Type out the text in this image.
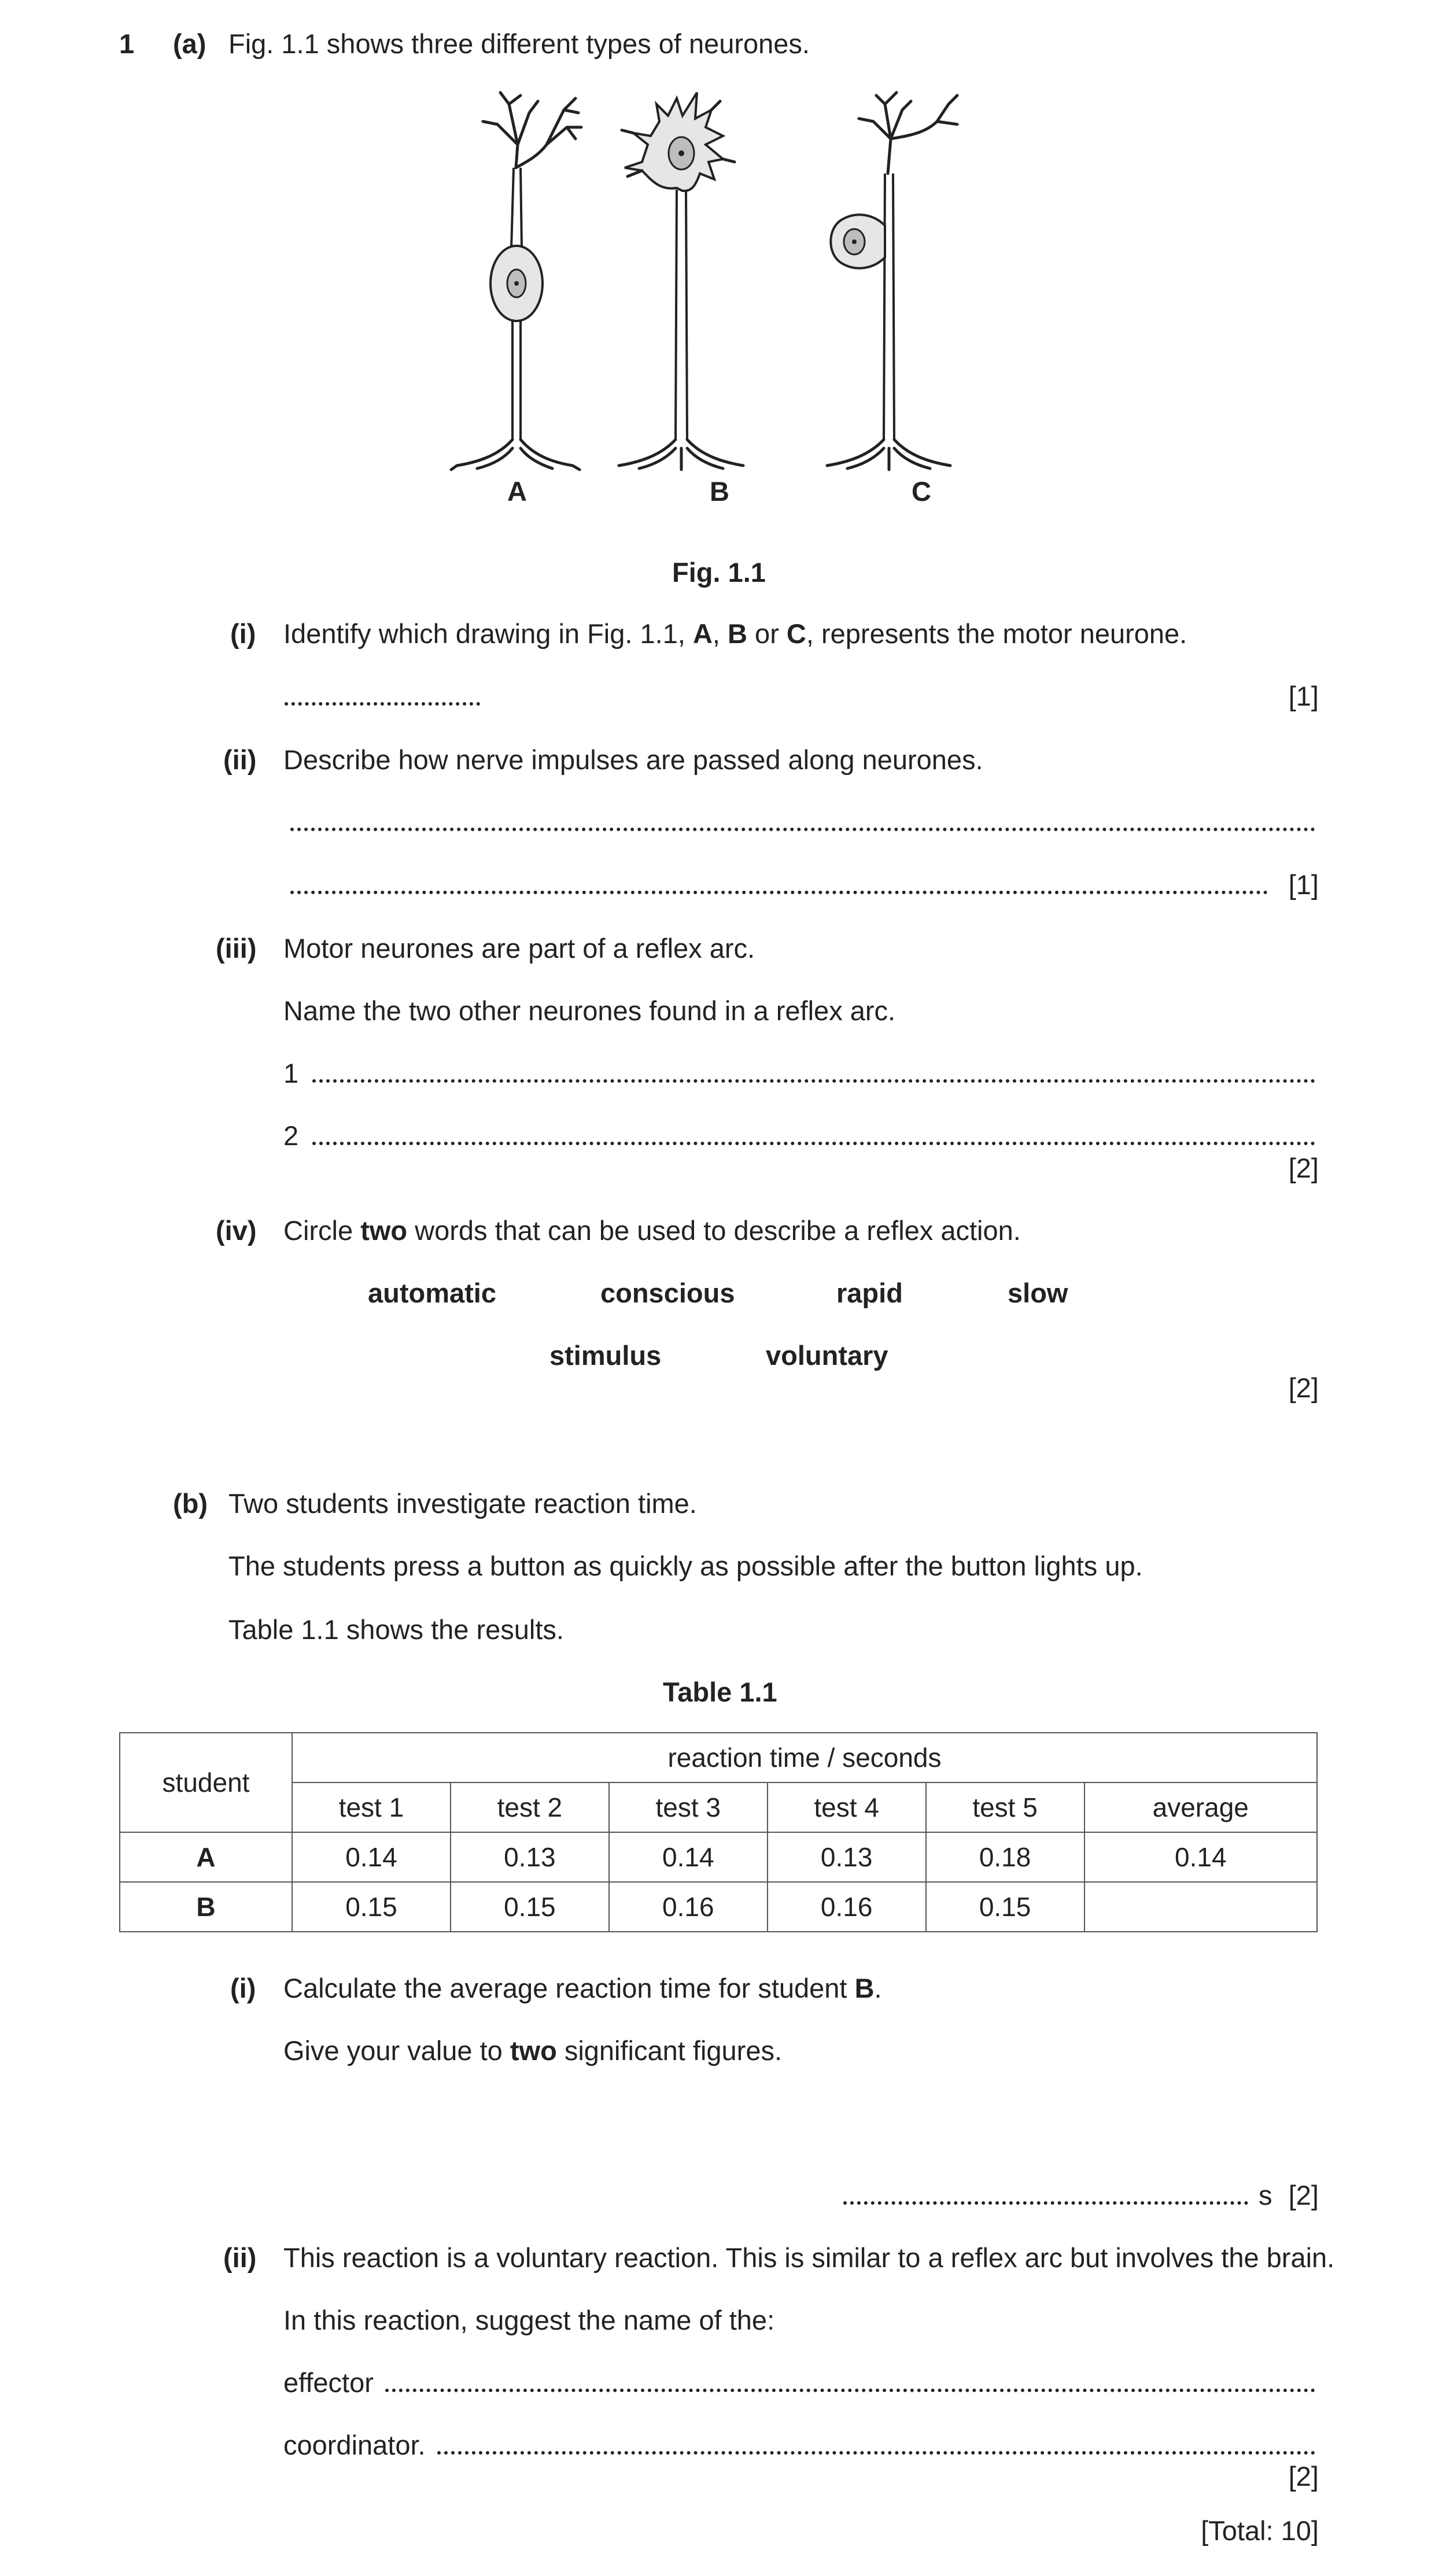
1 (a) Fig. 1.1 shows three different types of neurones.
A	B	C
Fig. 1.1
(i) Identify which drawing in Fig. 1.1, A, B or C, represents the motor neurone.
[1]
(ii) Describe how nerve impulses are passed along neurones.
[1]
(iii) Motor neurones are part of a reflex arc.
Name the two other neurones found in a reflex arc.
1
2
[2]
(iv) Circle two words that can be used to describe a reflex action.
automatic	conscious	rapid	slow
stimulus	voluntary
[2]
(b) Two students investigate reaction time.
The students press a button as quickly as possible after the button lights up.
Table 1.1 shows the results.
Table 1.1
student	reaction time / seconds					
	test 1	test 2	test 3	test 4	test 5	average
A	0.14	0.13	0.14	0.13	0.18	0.14
B	0.15	0.15	0.16	0.16	0.15	
(i) Calculate the average reaction time for student B.
Give your value to two significant figures.
s [2]
(ii) This reaction is a voluntary reaction. This is similar to a reflex arc but involves the brain.
In this reaction, suggest the name of the:
effector
coordinator.
[2]
[Total: 10]
